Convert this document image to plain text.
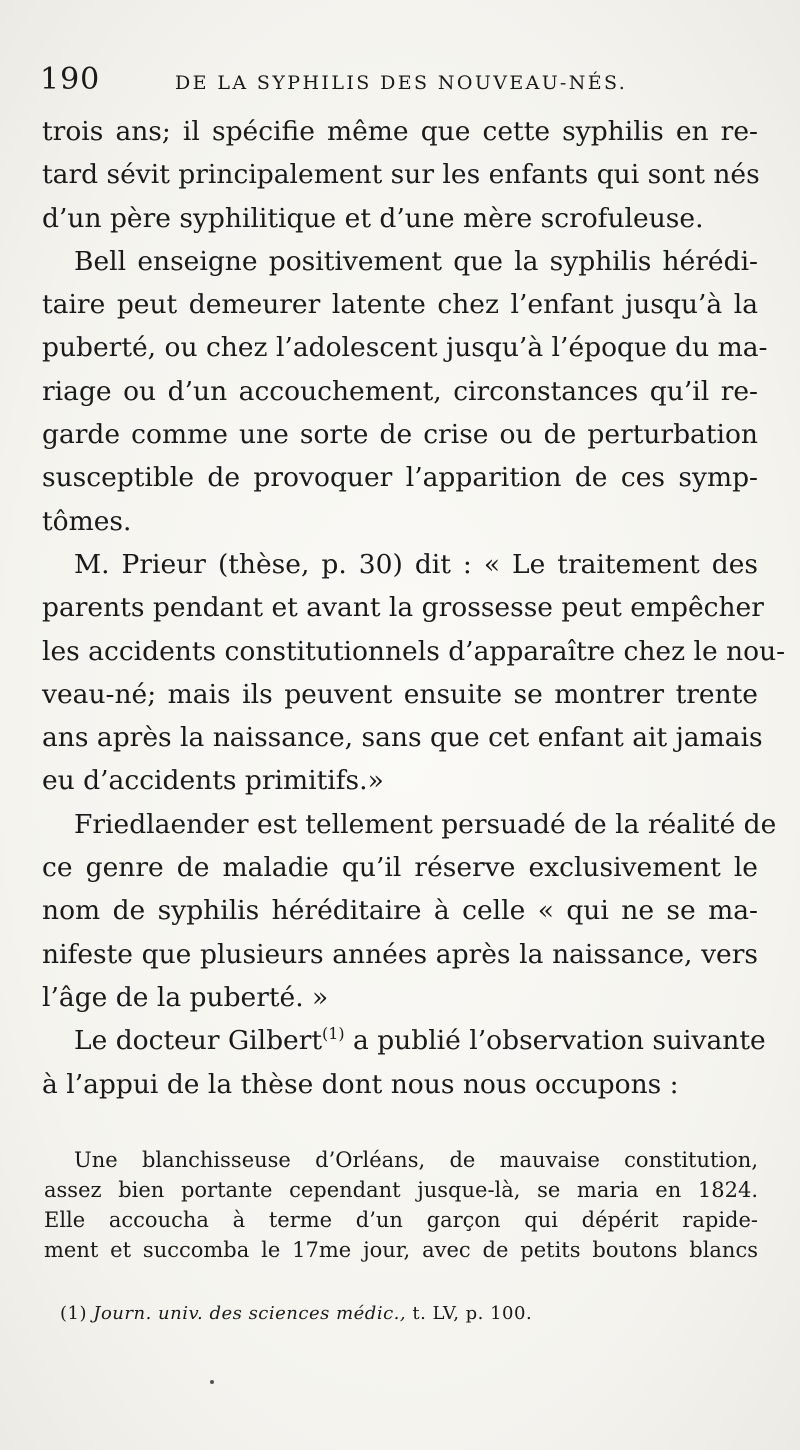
190	DE LA SYPHILIS DES NOUVEAU-NÉS.
trois ans; il spécifie même que cette syphilis en re-
tard sévit principalement sur les enfants qui sont nés
d’un père syphilitique et d’une mère scrofuleuse.
Bell enseigne positivement que la syphilis hérédi-
taire peut demeurer latente chez l’enfant jusqu’à la
puberté, ou chez l’adolescent jusqu’à l’époque du ma-
riage ou d’un accouchement, circonstances qu’il re-
garde comme une sorte de crise ou de perturbation
susceptible de provoquer l’apparition de ces symp-
tômes.
M. Prieur (thèse, p. 30) dit : « Le traitement des
parents pendant et avant la grossesse peut empêcher
les accidents constitutionnels d’apparaître chez le nou-
veau-né; mais ils peuvent ensuite se montrer trente
ans après la naissance, sans que cet enfant ait jamais
eu d’accidents primitifs.»
Friedlaender est tellement persuadé de la réalité de
ce genre de maladie qu’il réserve exclusivement le
nom de syphilis héréditaire à celle « qui ne se ma-
nifeste que plusieurs années après la naissance, vers
l’âge de la puberté. »
Le docteur Gilbert$^{(1)}$ a publié l’observation suivante
à l’appui de la thèse dont nous nous occupons :
Une blanchisseuse d’Orléans, de mauvaise constitution,
assez bien portante cependant jusque-là, se maria en 1824.
Elle accoucha à terme d’un garçon qui dépérit rapide-
ment et succomba le 17me jour, avec de petits boutons blancs
(1) Journ. univ. des sciences médic., t. LV, p. 100.
